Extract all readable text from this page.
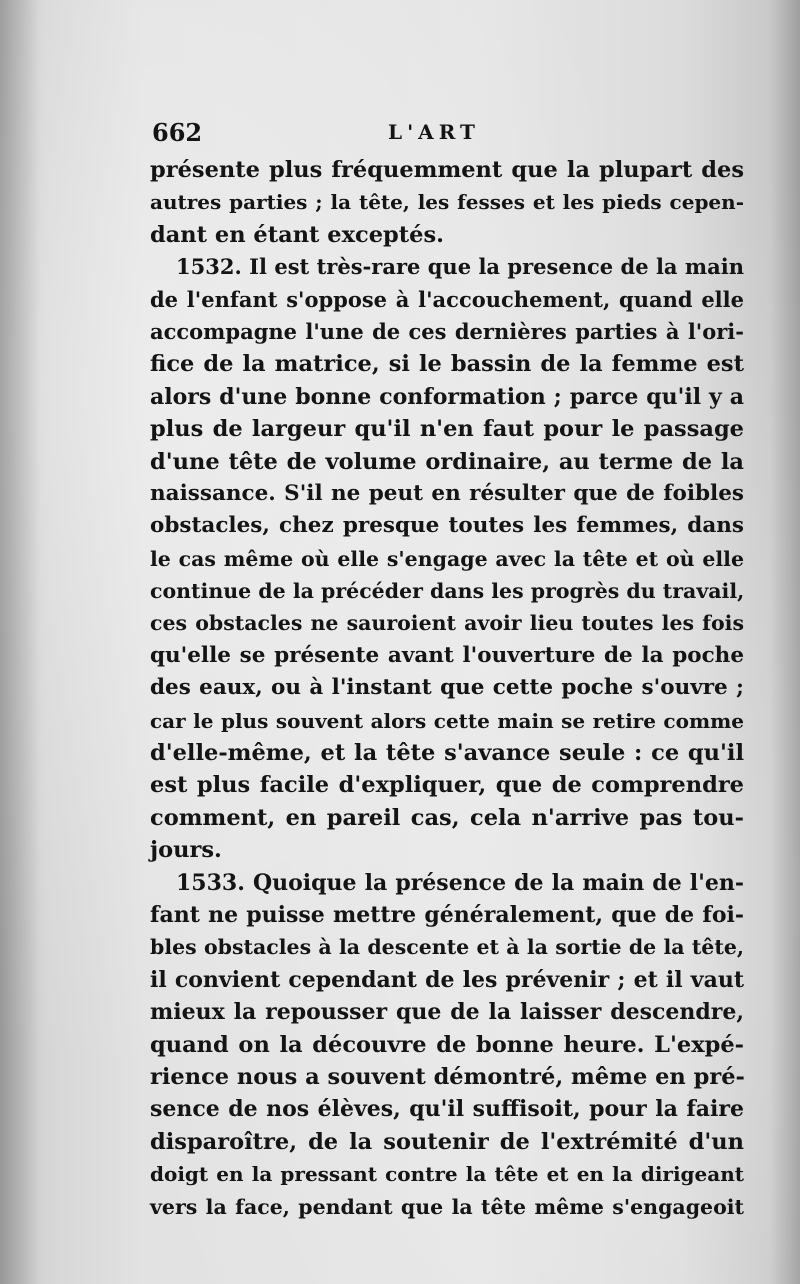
662	L'ART
présente plus fréquemment que la plupart des
autres parties ; la tête, les fesses et les pieds cepen-
dant en étant exceptés.
1532. Il est très-rare que la presence de la main
de l'enfant s'oppose à l'accouchement, quand elle
accompagne l'une de ces dernières parties à l'ori-
fice de la matrice, si le bassin de la femme est
alors d'une bonne conformation ; parce qu'il y a
plus de largeur qu'il n'en faut pour le passage
d'une tête de volume ordinaire, au terme de la
naissance. S'il ne peut en résulter que de foibles
obstacles, chez presque toutes les femmes, dans
le cas même où elle s'engage avec la tête et où elle
continue de la précéder dans les progrès du travail,
ces obstacles ne sauroient avoir lieu toutes les fois
qu'elle se présente avant l'ouverture de la poche
des eaux, ou à l'instant que cette poche s'ouvre ;
car le plus souvent alors cette main se retire comme
d'elle-même, et la tête s'avance seule : ce qu'il
est plus facile d'expliquer, que de comprendre
comment, en pareil cas, cela n'arrive pas tou-
jours.
1533. Quoique la présence de la main de l'en-
fant ne puisse mettre généralement, que de foi-
bles obstacles à la descente et à la sortie de la tête,
il convient cependant de les prévenir ; et il vaut
mieux la repousser que de la laisser descendre,
quand on la découvre de bonne heure. L'expé-
rience nous a souvent démontré, même en pré-
sence de nos élèves, qu'il suffisoit, pour la faire
disparoître, de la soutenir de l'extrémité d'un
doigt en la pressant contre la tête et en la dirigeant
vers la face, pendant que la tête même s'engageoit
